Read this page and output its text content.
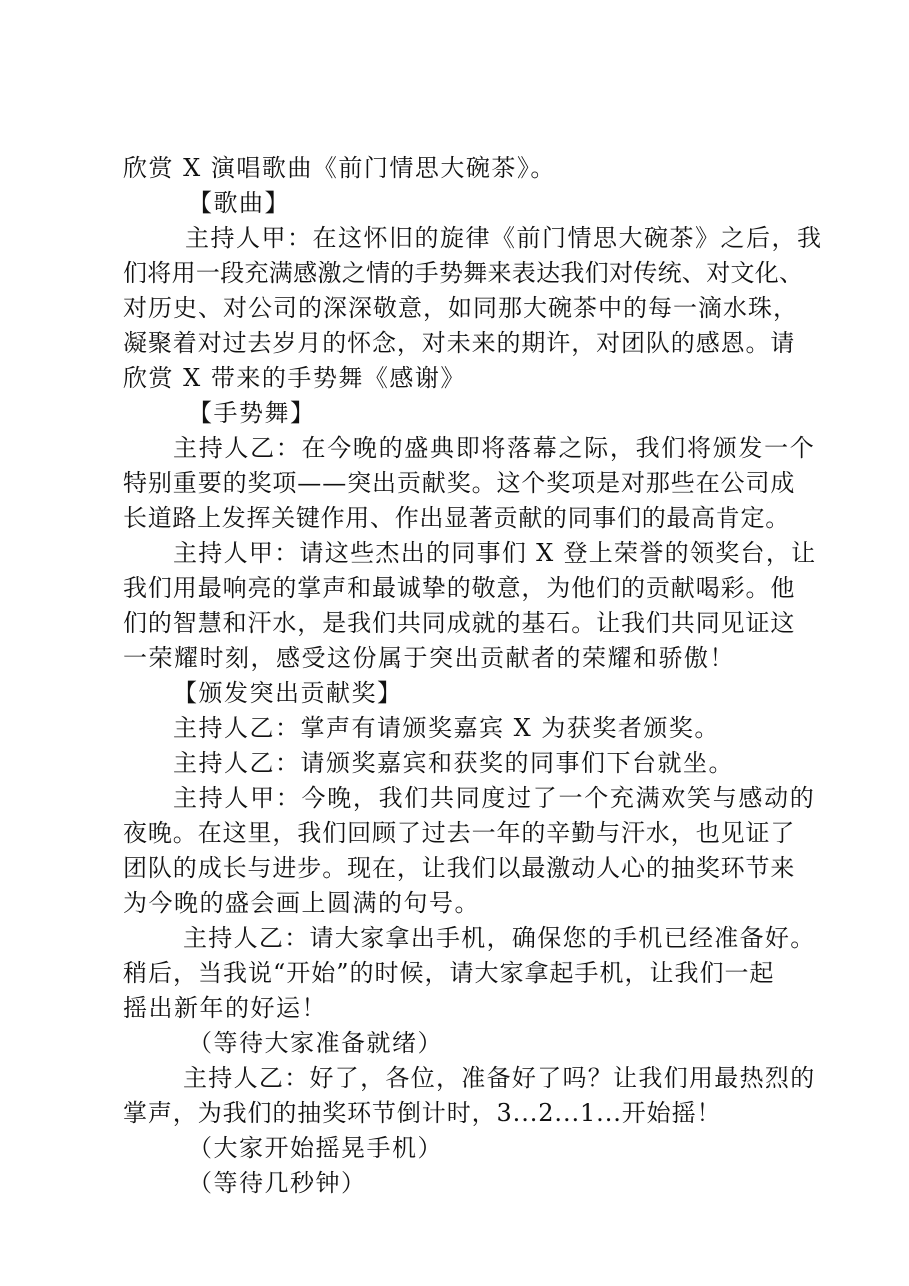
欣赏 X 演唱歌曲《前门情思大碗茶》。
【歌曲】
主持人甲：在这怀旧的旋律《前门情思大碗茶》之后，我
们将用一段充满感激之情的手势舞来表达我们对传统、对文化、
对历史、对公司的深深敬意，如同那大碗茶中的每一滴水珠，
凝聚着对过去岁月的怀念，对未来的期许，对团队的感恩。请
欣赏 X 带来的手势舞《感谢》
【手势舞】
主持人乙：在今晚的盛典即将落幕之际，我们将颁发一个
特别重要的奖项——突出贡献奖。这个奖项是对那些在公司成
长道路上发挥关键作用、作出显著贡献的同事们的最高肯定。
主持人甲：请这些杰出的同事们 X 登上荣誉的领奖台，让
我们用最响亮的掌声和最诚挚的敬意，为他们的贡献喝彩。他
们的智慧和汗水，是我们共同成就的基石。让我们共同见证这
一荣耀时刻，感受这份属于突出贡献者的荣耀和骄傲！
【颁发突出贡献奖】
主持人乙：掌声有请颁奖嘉宾 X 为获奖者颁奖。
主持人乙：请颁奖嘉宾和获奖的同事们下台就坐。
主持人甲：今晚，我们共同度过了一个充满欢笑与感动的
夜晚。在这里，我们回顾了过去一年的辛勤与汗水，也见证了
团队的成长与进步。现在，让我们以最激动人心的抽奖环节来
为今晚的盛会画上圆满的句号。
主持人乙：请大家拿出手机，确保您的手机已经准备好。
稍后，当我说“开始”的时候，请大家拿起手机，让我们一起
摇出新年的好运！
（等待大家准备就绪）
主持人乙：好了，各位，准备好了吗？让我们用最热烈的
掌声，为我们的抽奖环节倒计时，3...2...1...开始摇！
（大家开始摇晃手机）
（等待几秒钟）
